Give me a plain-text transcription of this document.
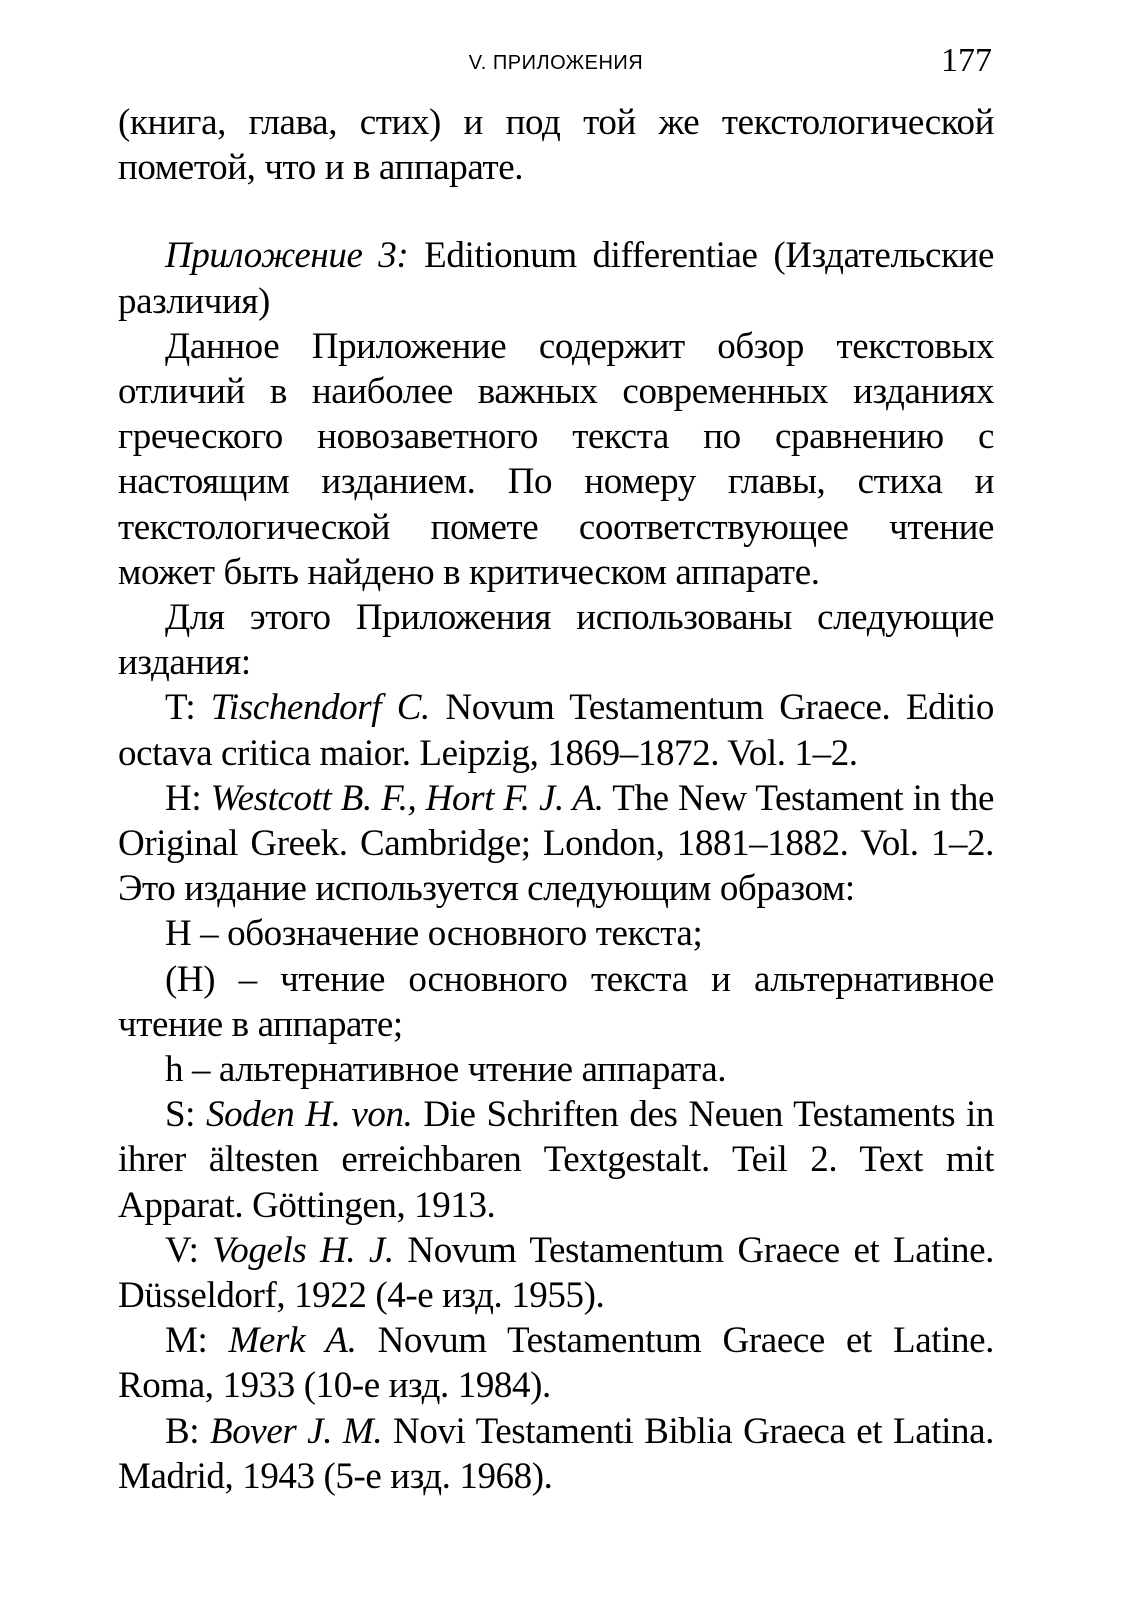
V. ПРИЛОЖЕНИЯ	177

(книга, глава, стих) и под той же текстологической пометой, что и в аппарате.

Приложение 3: Editionum differentiae (Издательские различия)

Данное Приложение содержит обзор текстовых отличий в наиболее важных современных изданиях греческого новозаветного текста по сравнению с настоящим изданием. По номеру главы, стиха и текстологической помете соответствующее чтение может быть найдено в критическом аппарате.

Для этого Приложения использованы следующие издания:

T: Tischendorf C. Novum Testamentum Graece. Editio octava critica maior. Leipzig, 1869–1872. Vol. 1–2.

H: Westcott B. F., Hort F. J. A. The New Testament in the Original Greek. Cambridge; London, 1881–1882. Vol. 1–2. Это издание используется следующим образом:

H – обозначение основного текста;

(H) – чтение основного текста и альтернативное чтение в аппарате;

h – альтернативное чтение аппарата.

S: Soden H. von. Die Schriften des Neuen Testaments in ihrer ältesten erreichbaren Textgestalt. Teil 2. Text mit Apparat. Göttingen, 1913.

V: Vogels H. J. Novum Testamentum Graece et Latine. Düsseldorf, 1922 (4-е изд. 1955).

M: Merk A. Novum Testamentum Graece et Latine. Roma, 1933 (10-е изд. 1984).

B: Bover J. M. Novi Testamenti Biblia Graeca et Latina. Madrid, 1943 (5-е изд. 1968).
